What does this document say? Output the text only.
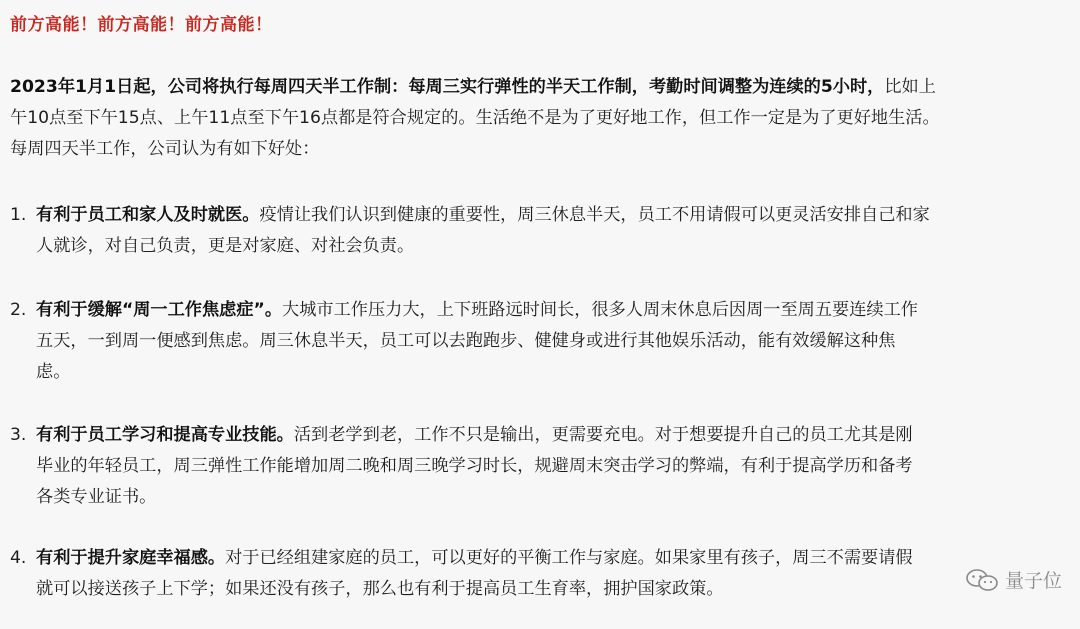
前方高能！前方高能！前方高能！
2023年1月1日起，公司将执行每周四天半工作制：每周三实行弹性的半天工作制，考勤时间调整为连续的5小时，比如上
午10点至下午15点、上午11点至下午16点都是符合规定的。生活绝不是为了更好地工作，但工作一定是为了更好地生活。
每周四天半工作，公司认为有如下好处：
1. 有利于员工和家人及时就医。疫情让我们认识到健康的重要性，周三休息半天，员工不用请假可以更灵活安排自己和家
人就诊，对自己负责，更是对家庭、对社会负责。
2. 有利于缓解“周一工作焦虑症”。大城市工作压力大，上下班路远时间长，很多人周末休息后因周一至周五要连续工作
五天，一到周一便感到焦虑。周三休息半天，员工可以去跑跑步、健健身或进行其他娱乐活动，能有效缓解这种焦
虑。
3. 有利于员工学习和提高专业技能。活到老学到老，工作不只是输出，更需要充电。对于想要提升自己的员工尤其是刚
毕业的年轻员工，周三弹性工作能增加周二晚和周三晚学习时长，规避周末突击学习的弊端，有利于提高学历和备考
各类专业证书。
4. 有利于提升家庭幸福感。对于已经组建家庭的员工，可以更好的平衡工作与家庭。如果家里有孩子，周三不需要请假
就可以接送孩子上下学；如果还没有孩子，那么也有利于提高员工生育率，拥护国家政策。	量子位
